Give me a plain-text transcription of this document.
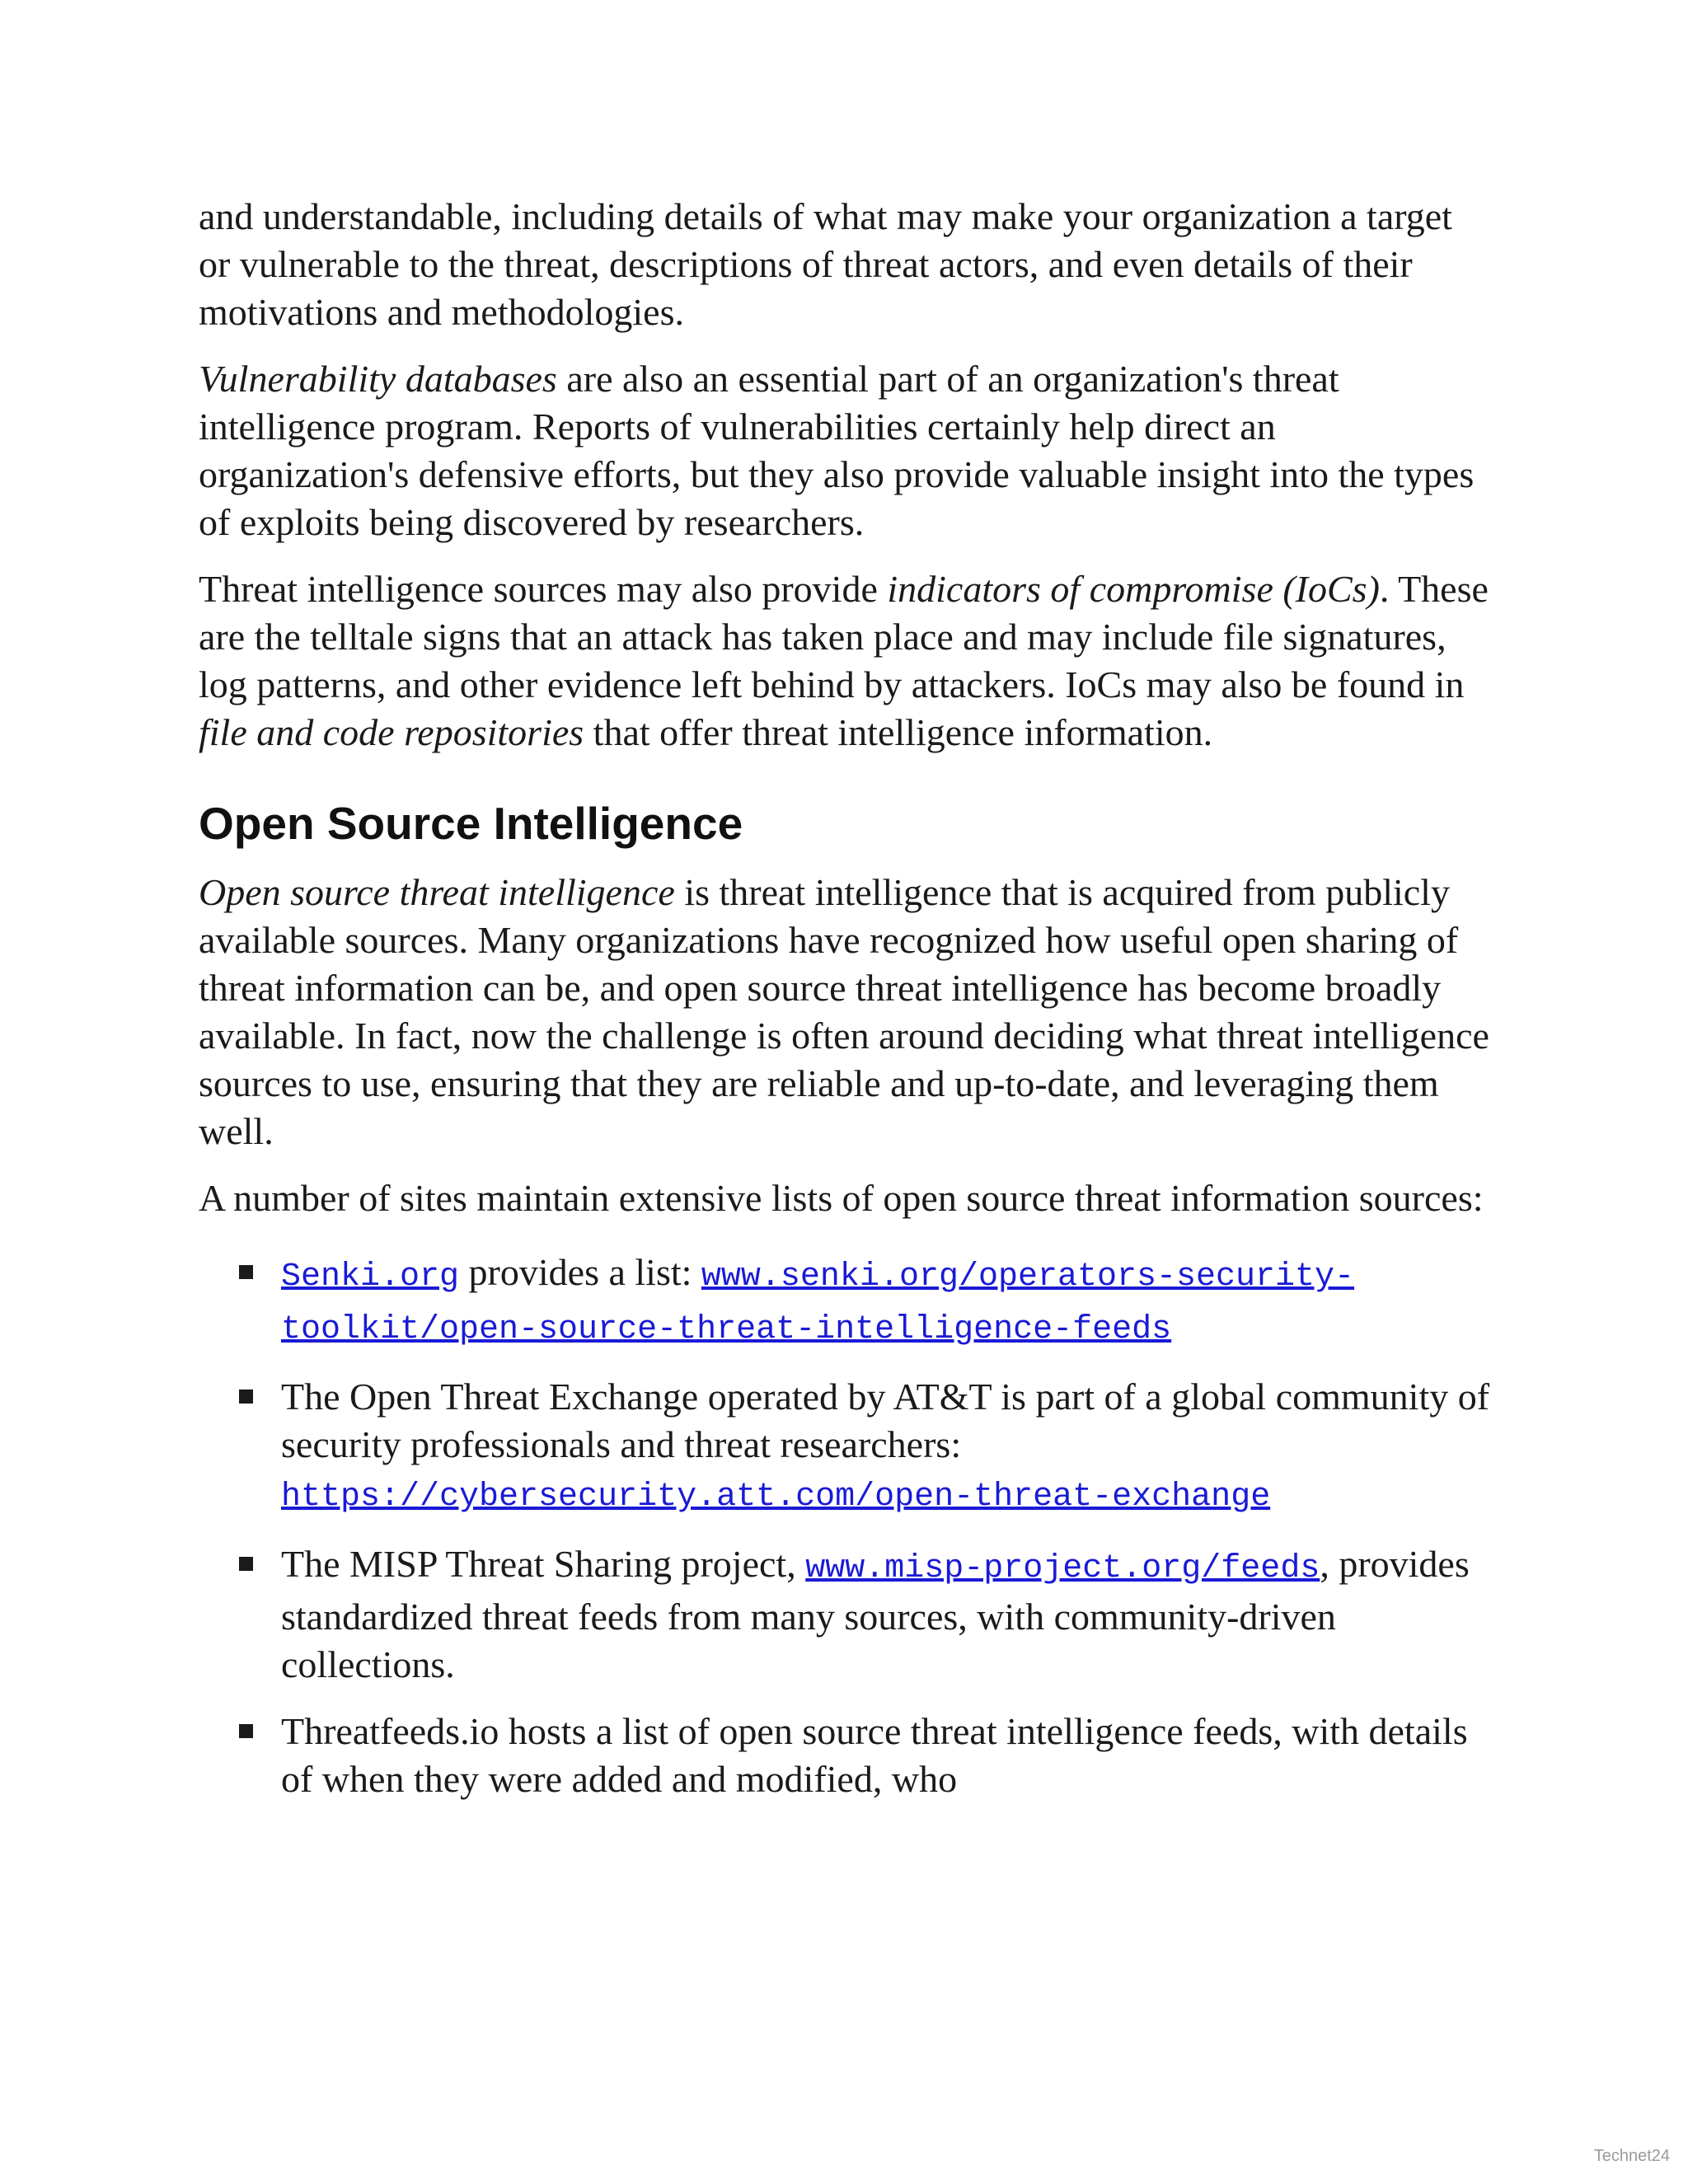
and understandable, including details of what may make your organization a target or vulnerable to the threat, descriptions of threat actors, and even details of their motivations and methodologies.

Vulnerability databases are also an essential part of an organization's threat intelligence program. Reports of vulnerabilities certainly help direct an organization's defensive efforts, but they also provide valuable insight into the types of exploits being discovered by researchers.

Threat intelligence sources may also provide indicators of compromise (IoCs). These are the telltale signs that an attack has taken place and may include file signatures, log patterns, and other evidence left behind by attackers. IoCs may also be found in file and code repositories that offer threat intelligence information.

Open Source Intelligence

Open source threat intelligence is threat intelligence that is acquired from publicly available sources. Many organizations have recognized how useful open sharing of threat information can be, and open source threat intelligence has become broadly available. In fact, now the challenge is often around deciding what threat intelligence sources to use, ensuring that they are reliable and up-to-date, and leveraging them well.

A number of sites maintain extensive lists of open source threat information sources:

Senki.org provides a list: www.senki.org/operators-security-toolkit/open-source-threat-intelligence-feeds
The Open Threat Exchange operated by AT&T is part of a global community of security professionals and threat researchers: https://cybersecurity.att.com/open-threat-exchange
The MISP Threat Sharing project, www.misp-project.org/feeds, provides standardized threat feeds from many sources, with community-driven collections.
Threatfeeds.io hosts a list of open source threat intelligence feeds, with details of when they were added and modified, who
Technet24
